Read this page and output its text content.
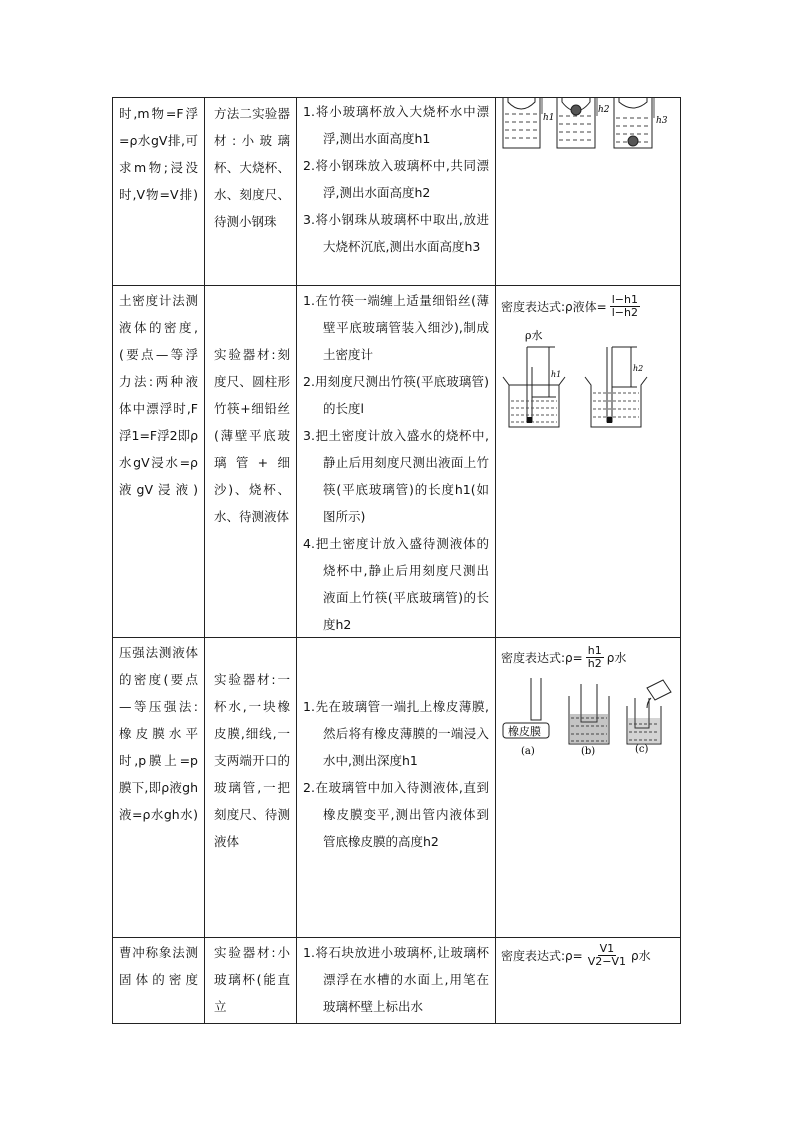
时,m物=F浮=ρ水gV排,可求m物;浸没时,V物=V排)
方法二实验器材:小玻璃杯、大烧杯、水、刻度尺、待测小钢珠

1.将小玻璃杯放入大烧杯水中漂浮,测出水面高度h1

2.将小钢珠放入玻璃杯中,共同漂浮,测出水面高度h2

3.将小钢珠从玻璃杯中取出,放进大烧杯沉底,测出水面高度h3

h1
h2
h3
土密度计法测液体的密度,(要点—等浮力法:两种液体中漂浮时,F浮1=F浮2即ρ水gV浸水=ρ液gV浸液)
实验器材:刻度尺、圆柱形竹筷+细铅丝(薄壁平底玻璃管+细沙)、烧杯、水、待测液体

1.在竹筷一端缠上适量细铅丝(薄壁平底玻璃管装入细沙),制成土密度计

2.用刻度尺测出竹筷(平底玻璃管)的长度l

3.把土密度计放入盛水的烧杯中,静止后用刻度尺测出液面上竹筷(平底玻璃管)的长度h1(如图所示)

4.把土密度计放入盛待测液体的烧杯中,静止后用刻度尺测出液面上竹筷(平底玻璃管)的长度h2

密度表达式:ρ液体= $\frac{l-h1}{l-h2}$
ρ水
h1
h2
压强法测液体的密度(要点—等压强法:橡皮膜水平时,p膜上=p膜下,即ρ液gh液=ρ水gh水)
实验器材:一杯水,一块橡皮膜,细线,一支两端开口的玻璃管,一把刻度尺、待测液体

1.先在玻璃管一端扎上橡皮薄膜,然后将有橡皮薄膜的一端浸入水中,测出深度h1

2.在玻璃管中加入待测液体,直到橡皮膜变平,测出管内液体到管底橡皮膜的高度h2

密度表达式:ρ= $\frac{h1}{h2}$ ρ水
橡皮膜
(a)	(b)	(c)
曹冲称象法测固体的密度
实验器材:小玻璃杯(能直立

1.将石块放进小玻璃杯,让玻璃杯漂浮在水槽的水面上,用笔在玻璃杯壁上标出水

密度表达式:ρ= $\frac{V1}{V2-V1}$ ρ水
